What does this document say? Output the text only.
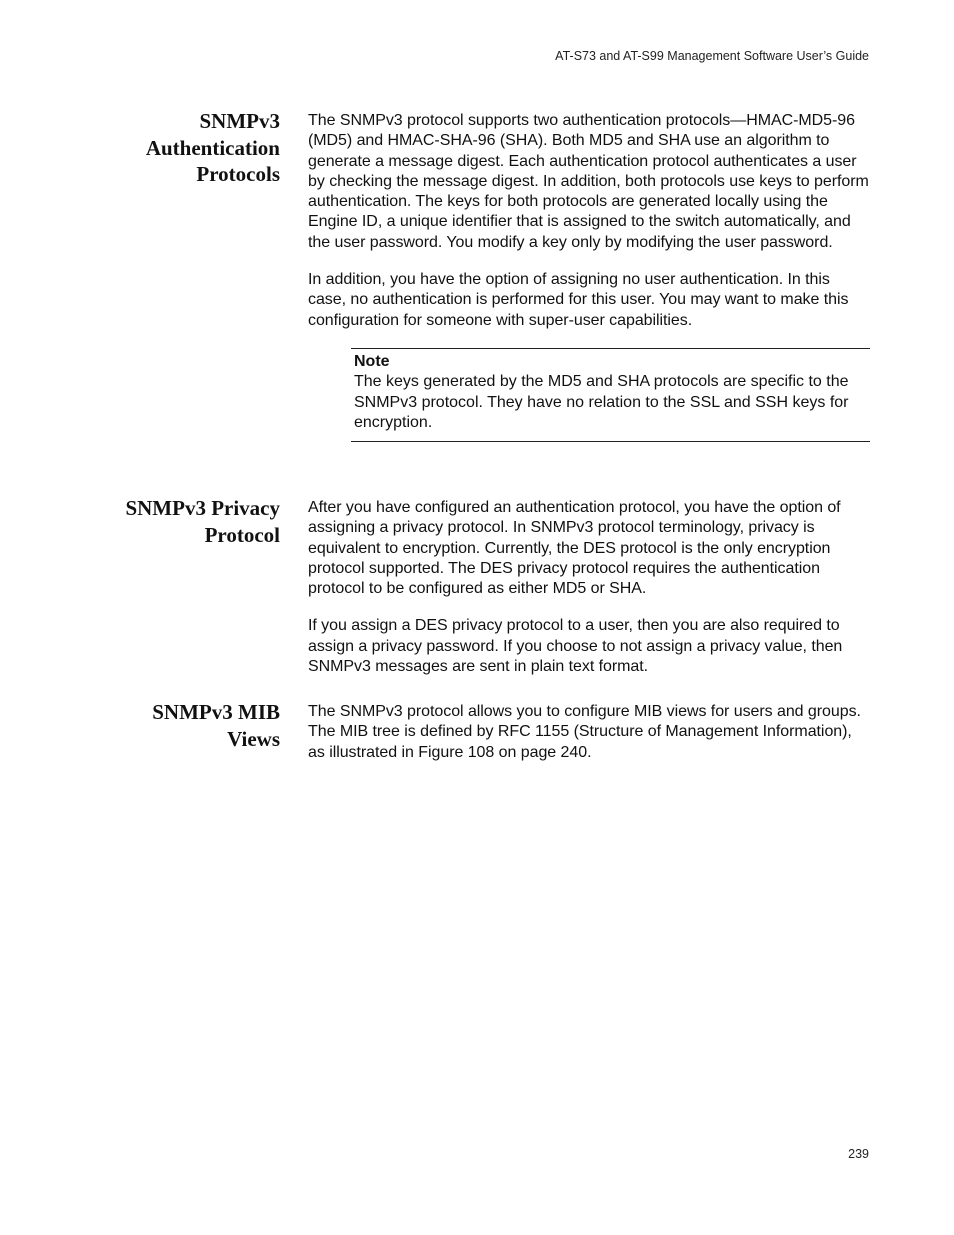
AT-S73 and AT-S99 Management Software User’s Guide
SNMPv3 Authentication Protocols

The SNMPv3 protocol supports two authentication protocols—HMAC-MD5-96 (MD5) and HMAC-SHA-96 (SHA). Both MD5 and SHA use an algorithm to generate a message digest. Each authentication protocol authenticates a user by checking the message digest. In addition, both protocols use keys to perform authentication. The keys for both protocols are generated locally using the Engine ID, a unique identifier that is assigned to the switch automatically, and the user password. You modify a key only by modifying the user password.

In addition, you have the option of assigning no user authentication. In this case, no authentication is performed for this user. You may want to make this configuration for someone with super-user capabilities.

Note
The keys generated by the MD5 and SHA protocols are specific to the SNMPv3 protocol. They have no relation to the SSL and SSH keys for encryption.
SNMPv3 Privacy Protocol

After you have configured an authentication protocol, you have the option of assigning a privacy protocol. In SNMPv3 protocol terminology, privacy is equivalent to encryption. Currently, the DES protocol is the only encryption protocol supported. The DES privacy protocol requires the authentication protocol to be configured as either MD5 or SHA.

If you assign a DES privacy protocol to a user, then you are also required to assign a privacy password. If you choose to not assign a privacy value, then SNMPv3 messages are sent in plain text format.

SNMPv3 MIB Views

The SNMPv3 protocol allows you to configure MIB views for users and groups. The MIB tree is defined by RFC 1155 (Structure of Management Information), as illustrated in Figure 108 on page 240.

239
